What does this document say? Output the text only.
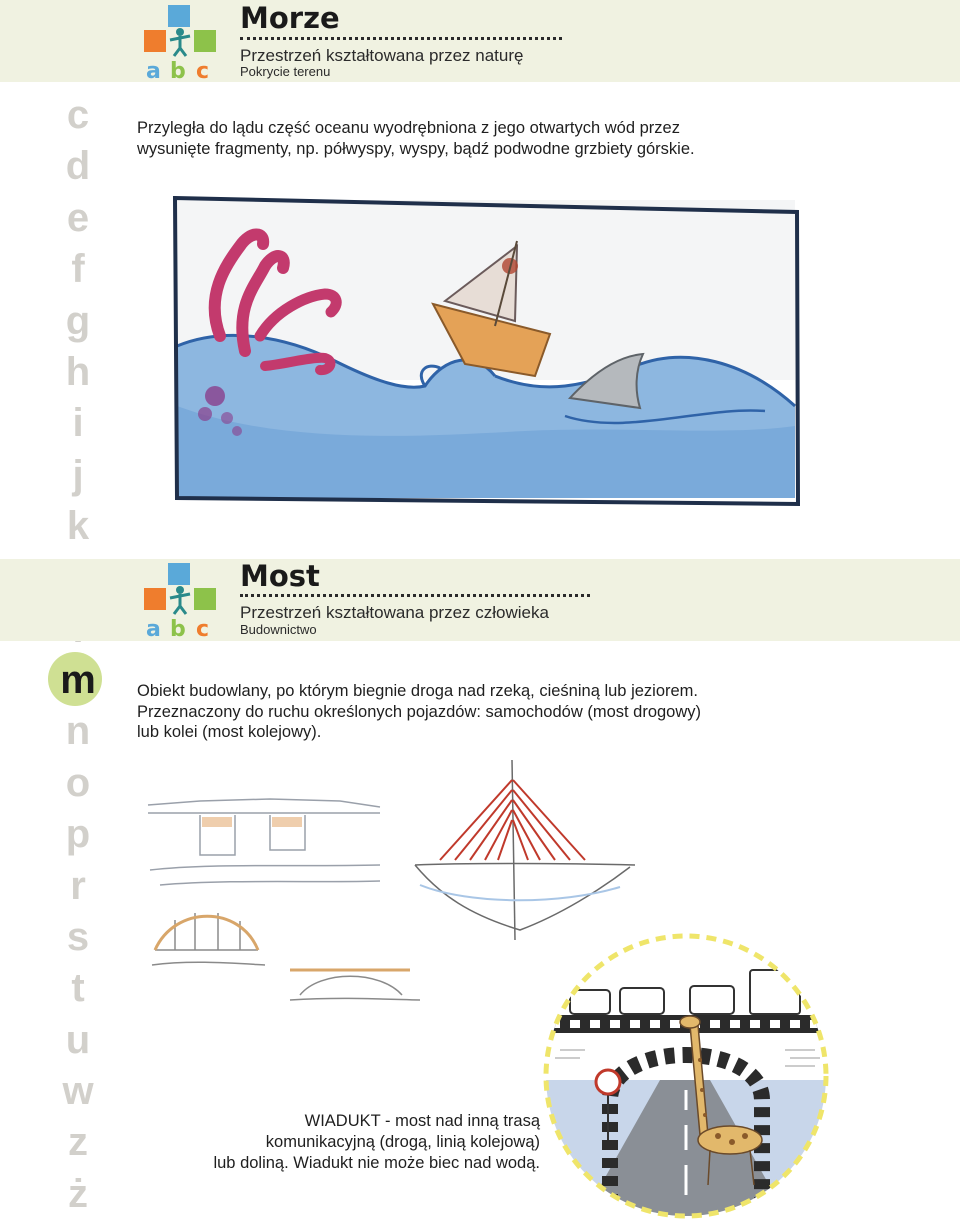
c
d
e
f
g
h
i
j
k
m
n
o
p
r
s
t
u
w
z
ż
a b c
Morze
Przestrzeń kształtowana przez naturę
Pokrycie terenu
Przyległa do lądu część oceanu wyodrębniona z jego otwartych wód przez
wysunięte fragmenty, np. półwyspy, wyspy, bądź podwodne grzbiety górskie.
a b c
Most
Przestrzeń kształtowana przez człowieka
Budownictwo
Obiekt budowlany, po którym biegnie droga nad rzeką, cieśniną lub jeziorem.
Przeznaczony do ruchu określonych pojazdów: samochodów (most drogowy)
lub kolei (most kolejowy).
WIADUKT - most nad inną trasą
komunikacyjną (drogą, linią kolejową)
lub doliną. Wiadukt nie może biec nad wodą.
